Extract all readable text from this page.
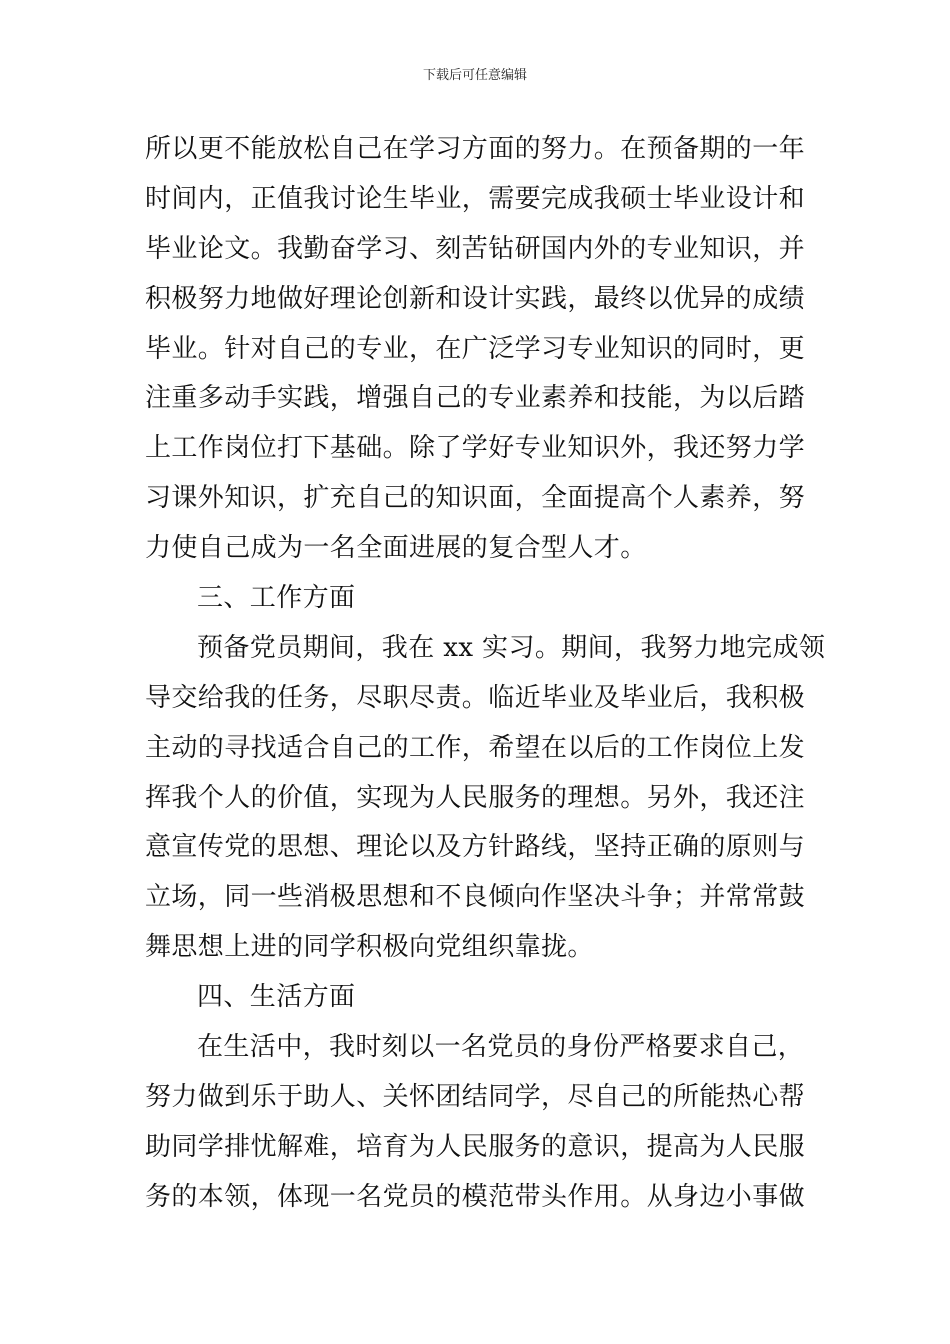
下载后可任意编辑
所以更不能放松自己在学习方面的努力。在预备期的一年
时间内，正值我讨论生毕业，需要完成我硕士毕业设计和
毕业论文。我勤奋学习、刻苦钻研国内外的专业知识，并
积极努力地做好理论创新和设计实践，最终以优异的成绩
毕业。针对自己的专业，在广泛学习专业知识的同时，更
注重多动手实践，增强自己的专业素养和技能，为以后踏
上工作岗位打下基础。除了学好专业知识外，我还努力学
习课外知识，扩充自己的知识面，全面提高个人素养，努
力使自己成为一名全面进展的复合型人才。
三、工作方面
预备党员期间，我在 xx 实习。期间，我努力地完成领
导交给我的任务，尽职尽责。临近毕业及毕业后，我积极
主动的寻找适合自己的工作，希望在以后的工作岗位上发
挥我个人的价值，实现为人民服务的理想。另外，我还注
意宣传党的思想、理论以及方针路线，坚持正确的原则与
立场，同一些消极思想和不良倾向作坚决斗争；并常常鼓
舞思想上进的同学积极向党组织靠拢。
四、生活方面
在生活中，我时刻以一名党员的身份严格要求自己，
努力做到乐于助人、关怀团结同学，尽自己的所能热心帮
助同学排忧解难，培育为人民服务的意识，提高为人民服
务的本领，体现一名党员的模范带头作用。从身边小事做
